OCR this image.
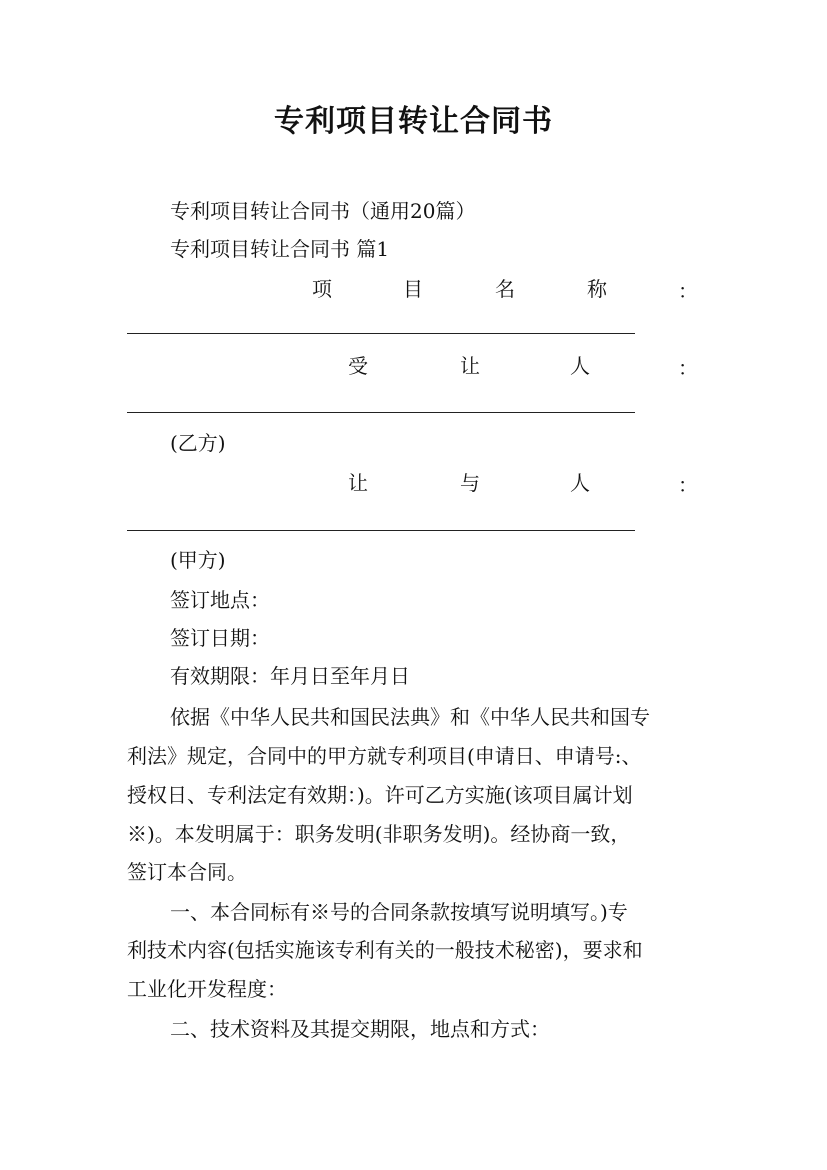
专利项目转让合同书
专利项目转让合同书（通用20篇）
专利项目转让合同书 篇1
项	目	名	称	：
受	让	人	：
(乙方)
让	与	人	：
(甲方)
签订地点：
签订日期：
有效期限：年月日至年月日
依据《中华人民共和国民法典》和《中华人民共和国专
利法》规定，合同中的甲方就专利项目(申请日、申请号:、
授权日、专利法定有效期：)。许可乙方实施(该项目属计划
※)。本发明属于：职务发明(非职务发明)。经协商一致，
签订本合同。
一、本合同标有※号的合同条款按填写说明填写。)专
利技术内容(包括实施该专利有关的一般技术秘密)，要求和
工业化开发程度：
二、技术资料及其提交期限，地点和方式：
